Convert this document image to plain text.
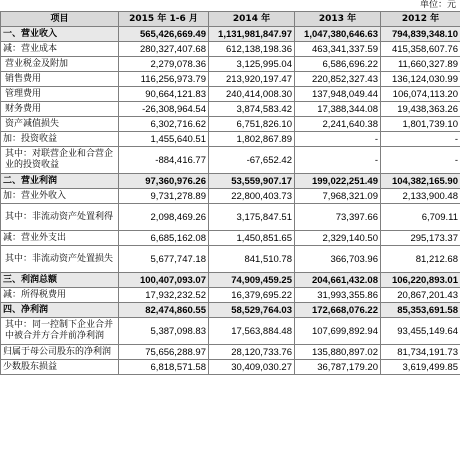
单位：元
项目	2015 年 1-6 月	2014 年	2013 年	2012 年
一、营业收入	565,426,669.49	1,131,981,847.97	1,047,380,646.63	794,839,348.10
减：营业成本	280,327,407.68	612,138,198.36	463,341,337.59	415,358,607.76
营业税金及附加	2,279,078.36	3,125,995.04	6,586,696.22	11,660,327.89
销售费用	116,256,973.79	213,920,197.47	220,852,327.43	136,124,030.99
管理费用	90,664,121.83	240,414,008.30	137,948,049.44	106,074,113.20
财务费用	-26,308,964.54	3,874,583.42	17,388,344.08	19,438,363.26
资产减值损失	6,302,716.62	6,751,826.10	2,241,640.38	1,801,739.10
加：投资收益	1,455,640.51	1,802,867.89	-	-
其中：对联营企业和合营企业的投资收益	-884,416.77	-67,652.42	-	-
二、营业利润	97,360,976.26	53,559,907.17	199,022,251.49	104,382,165.90
加：营业外收入	9,731,278.89	22,800,403.73	7,968,321.09	2,133,900.48
其中：非流动资产处置利得	2,098,469.26	3,175,847.51	73,397.66	6,709.11
减：营业外支出	6,685,162.08	1,450,851.65	2,329,140.50	295,173.37
其中：非流动资产处置损失	5,677,747.18	841,510.78	366,703.96	81,212.68
三、利润总额	100,407,093.07	74,909,459.25	204,661,432.08	106,220,893.01
减：所得税费用	17,932,232.52	16,379,695.22	31,993,355.86	20,867,201.43
四、净利润	82,474,860.55	58,529,764.03	172,668,076.22	85,353,691.58
其中：同一控制下企业合并中被合并方合并前净利润	5,387,098.83	17,563,884.48	107,699,892.94	93,455,149.64
归属于母公司股东的净利润	75,656,288.97	28,120,733.76	135,880,897.02	81,734,191.73
少数股东损益	6,818,571.58	30,409,030.27	36,787,179.20	3,619,499.85
